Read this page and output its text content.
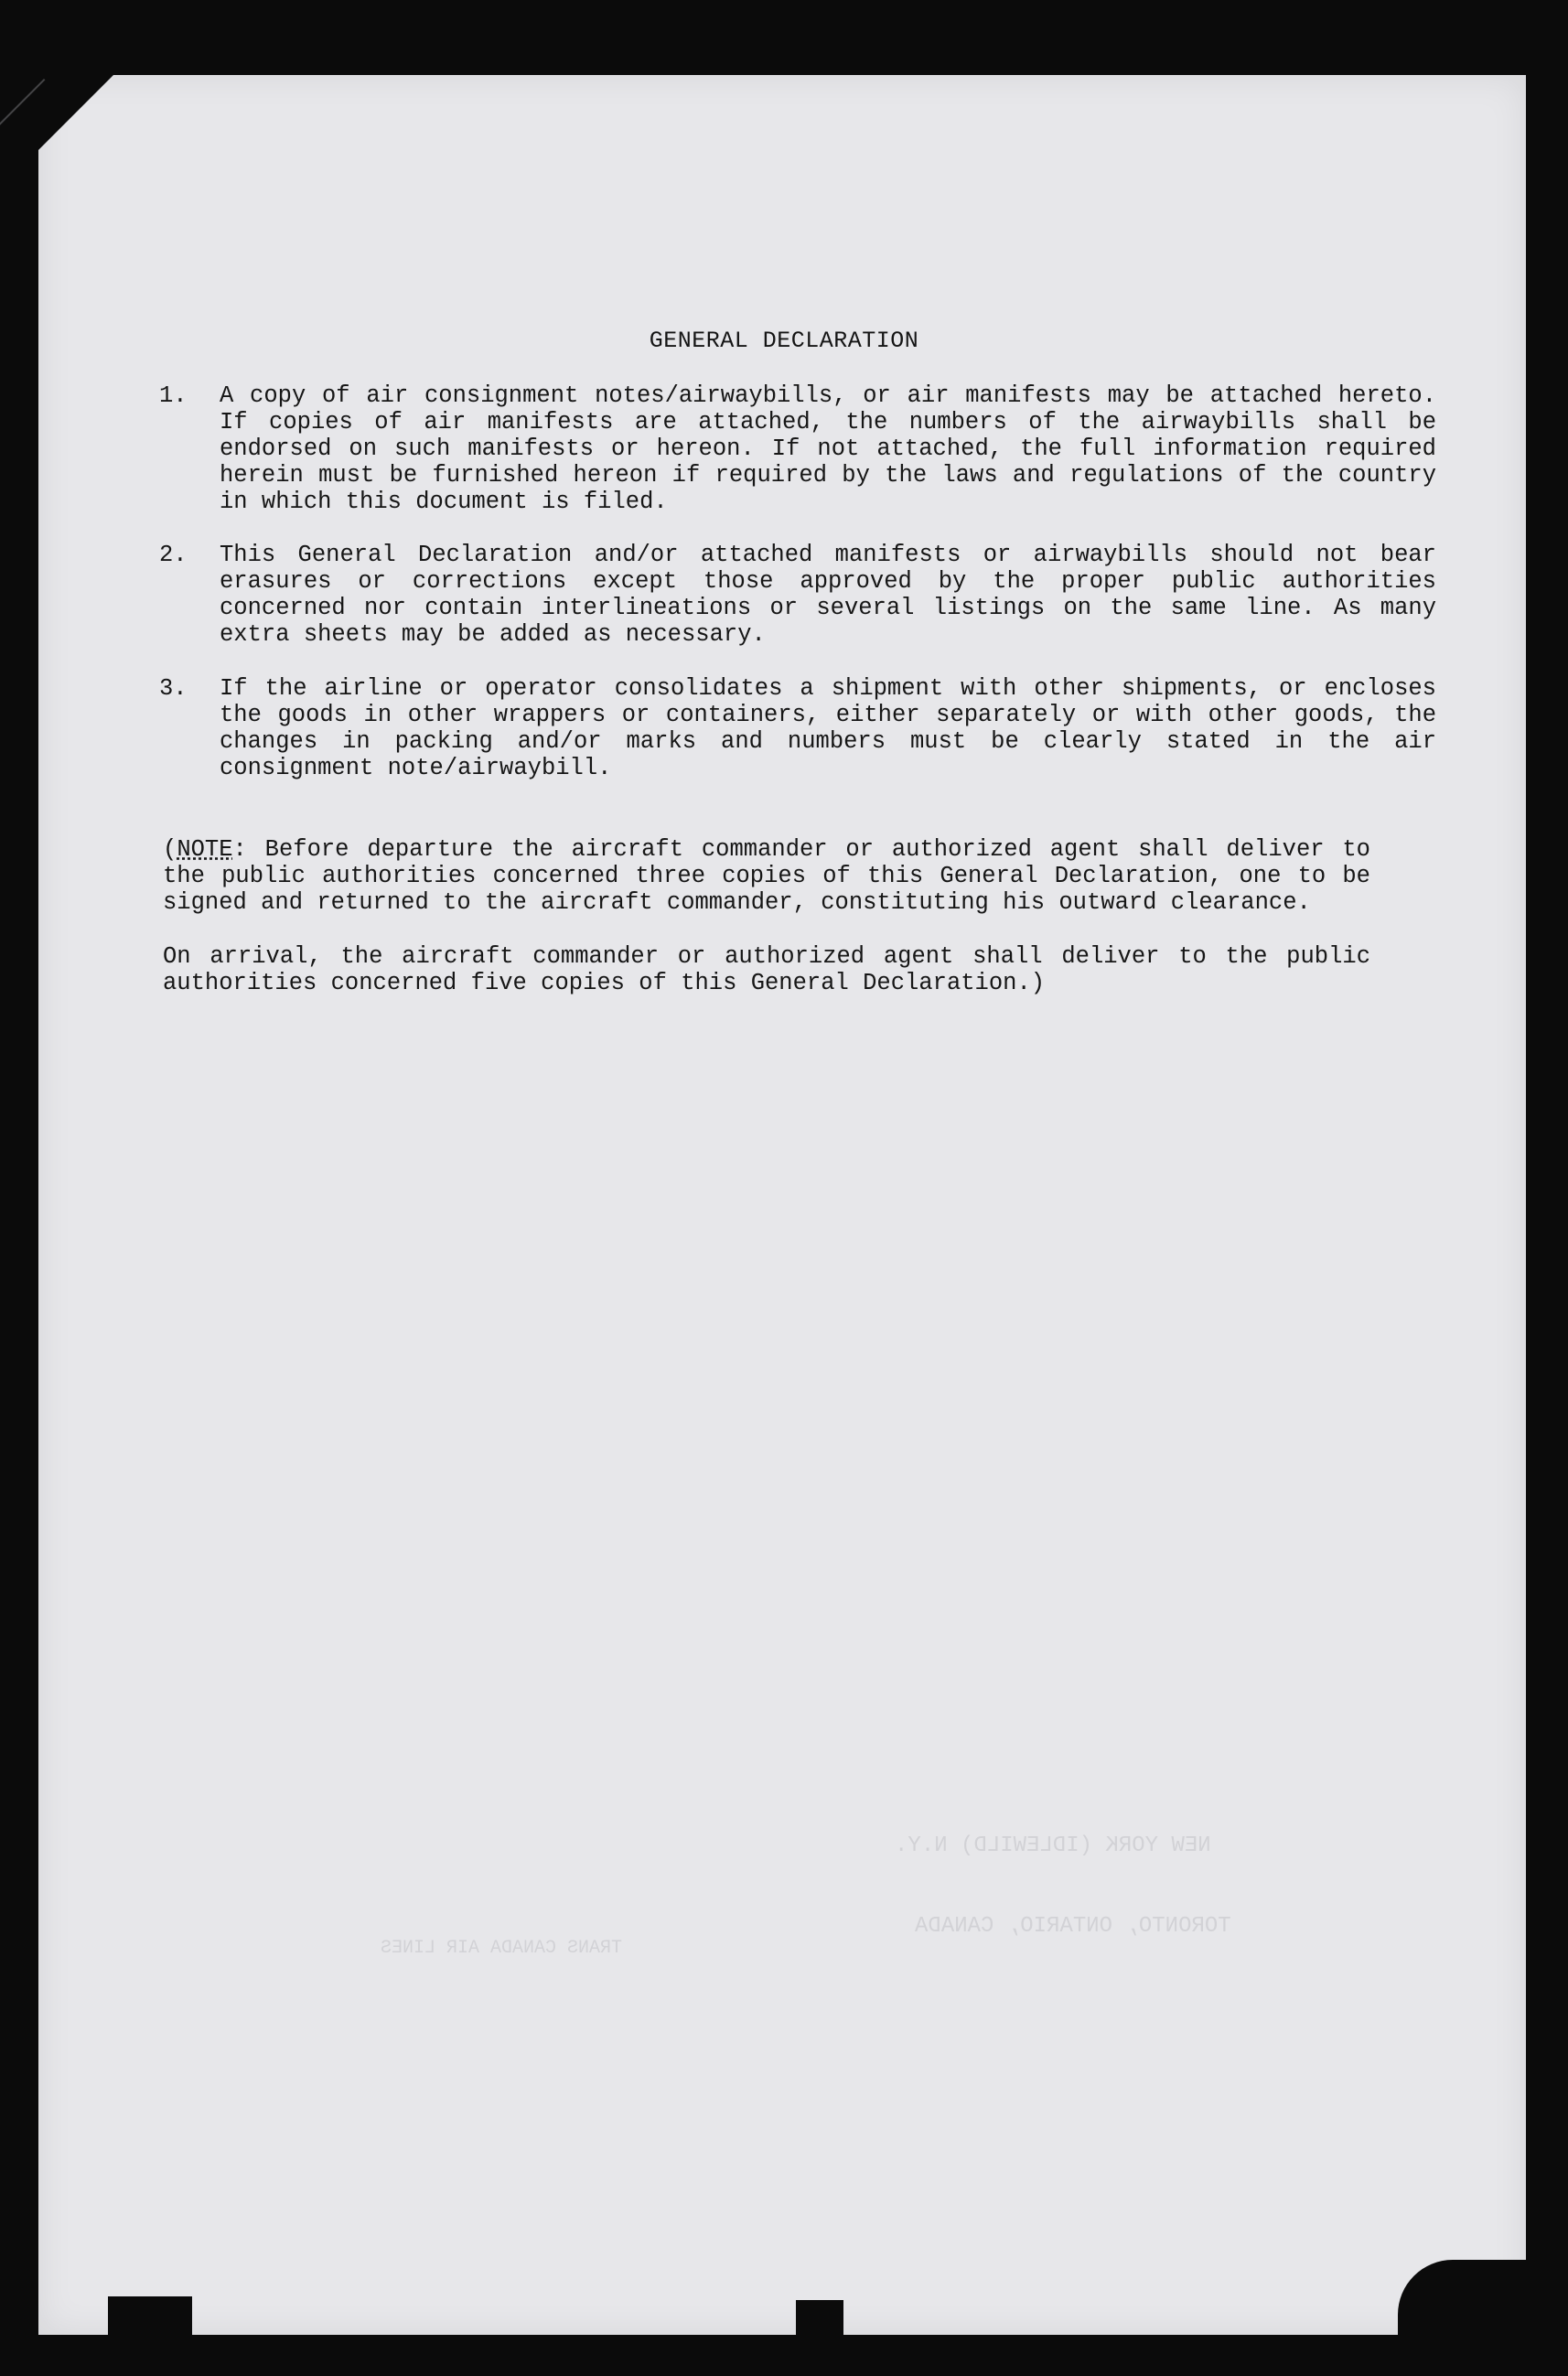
NEW YORK (IDLEWILD) N.Y.
TORONTO, ONTARIO, CANADA
TRANS CANADA AIR LINES
GENERAL DECLARATION
1. A copy of air consignment notes/airwaybills, or air manifests may be attached hereto. If copies of air manifests are attached, the numbers of the airwaybills shall be endorsed on such manifests or hereon. If not attached, the full information required herein must be furnished hereon if required by the laws and regulations of the country in which this document is filed.
2. This General Declaration and/or attached manifests or airwaybills should not bear erasures or corrections except those approved by the proper public authorities concerned nor contain interlineations or several listings on the same line. As many extra sheets may be added as necessary.
3. If the airline or operator consolidates a shipment with other shipments, or encloses the goods in other wrappers or containers, either separately or with other goods, the changes in packing and/or marks and numbers must be clearly stated in the air consignment note/airwaybill.
(NOTE: Before departure the aircraft commander or authorized agent shall deliver to the public authorities concerned three copies of this General Declaration, one to be signed and returned to the aircraft commander, constituting his outward clearance.
On arrival, the aircraft commander or authorized agent shall deliver to the public authorities concerned five copies of this General Declaration.)
